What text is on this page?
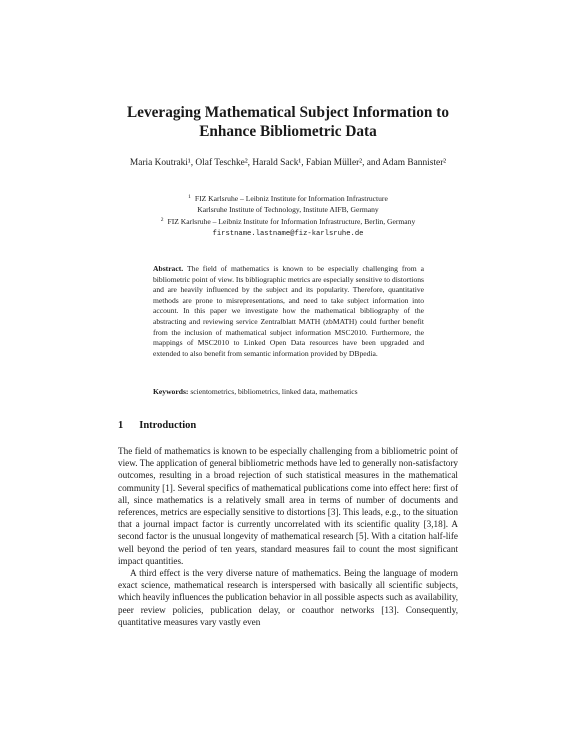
Leveraging Mathematical Subject Information to Enhance Bibliometric Data
Maria Koutraki¹, Olaf Teschke², Harald Sack¹, Fabian Müller², and Adam Bannister²
$^1$ FIZ Karlsruhe – Leibniz Institute for Information Infrastructure
Karlsruhe Institute of Technology, Institute AIFB, Germany
$^2$ FIZ Karlsruhe – Leibniz Institute for Information Infrastructure, Berlin, Germany
firstname.lastname@fiz-karlsruhe.de
Abstract. The field of mathematics is known to be especially challenging from a bibliometric point of view. Its bibliographic metrics are especially sensitive to distortions and are heavily influenced by the subject and its popularity. Therefore, quantitative methods are prone to misrepresentations, and need to take subject information into account. In this paper we investigate how the mathematical bibliography of the abstracting and reviewing service Zentralblatt MATH (zbMATH) could further benefit from the inclusion of mathematical subject information MSC2010. Furthermore, the mappings of MSC2010 to Linked Open Data resources have been upgraded and extended to also benefit from semantic information provided by DBpedia.
Keywords: scientometrics, bibliometrics, linked data, mathematics
1 Introduction

The field of mathematics is known to be especially challenging from a bibliometric point of view. The application of general bibliometric methods have led to generally non-satisfactory outcomes, resulting in a broad rejection of such statistical measures in the mathematical community [1]. Several specifics of mathematical publications come into effect here: first of all, since mathematics is a relatively small area in terms of number of documents and references, metrics are especially sensitive to distortions [3]. This leads, e.g., to the situation that a journal impact factor is currently uncorrelated with its scientific quality [3,18]. A second factor is the unusual longevity of mathematical research [5]. With a citation half-life well beyond the period of ten years, standard measures fail to count the most significant impact quantities.

A third effect is the very diverse nature of mathematics. Being the language of modern exact science, mathematical research is interspersed with basically all scientific subjects, which heavily influences the publication behavior in all possible aspects such as availability, peer review policies, publication delay, or coauthor networks [13]. Consequently, quantitative measures vary vastly even
